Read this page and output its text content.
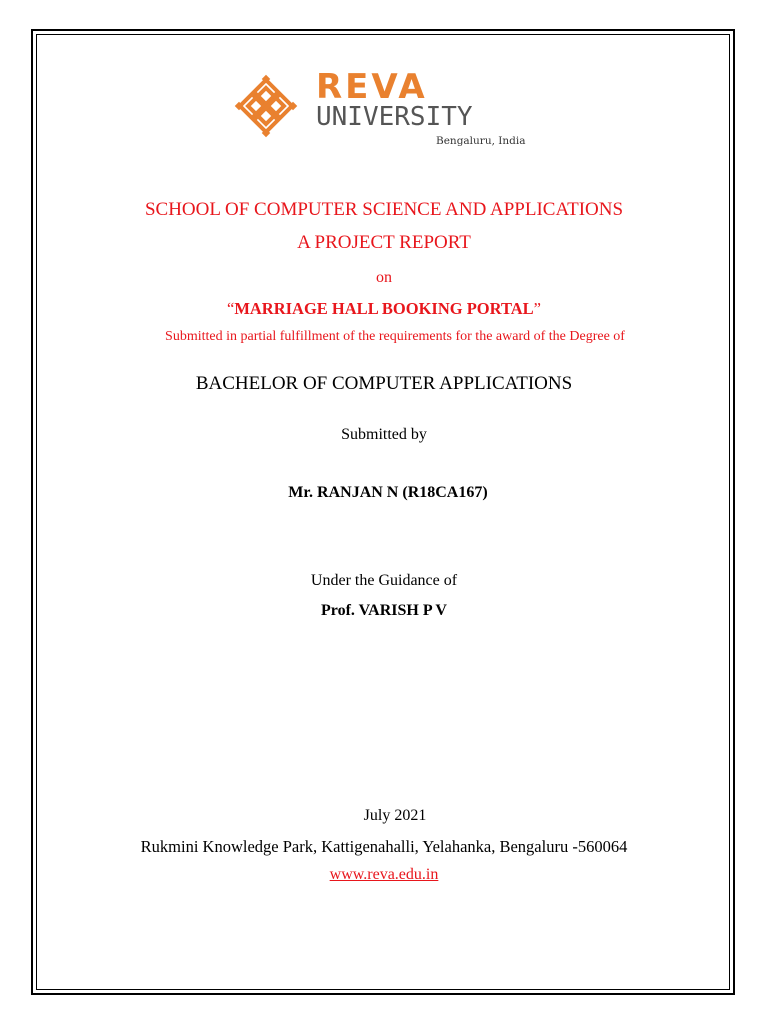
REVA
UNIVERSITY
Bengaluru, India
SCHOOL OF COMPUTER SCIENCE AND APPLICATIONS
A PROJECT REPORT
on
“MARRIAGE HALL BOOKING PORTAL”
Submitted in partial fulfillment of the requirements for the award of the Degree of
BACHELOR OF COMPUTER APPLICATIONS
Submitted by
Mr. RANJAN N (R18CA167)
Under the Guidance of
Prof. VARISH P V
July 2021
Rukmini Knowledge Park, Kattigenahalli, Yelahanka, Bengaluru -560064
www.reva.edu.in
